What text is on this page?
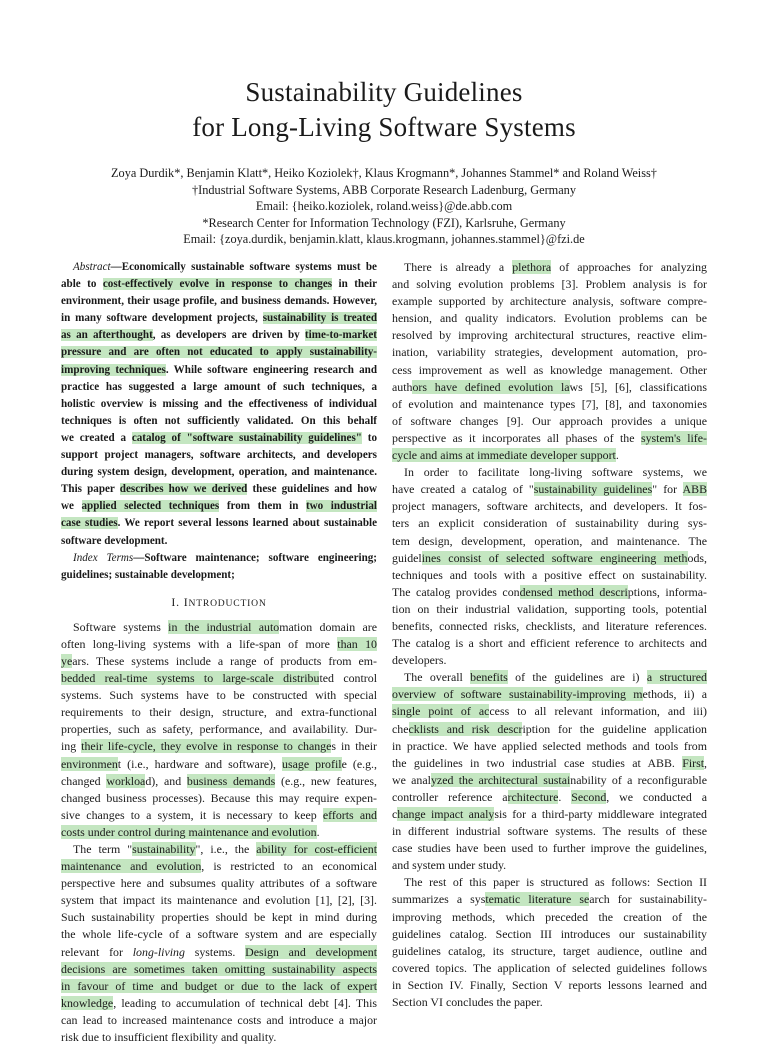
Sustainability Guidelines
for Long-Living Software Systems
Zoya Durdik*, Benjamin Klatt*, Heiko Koziolek†, Klaus Krogmann*, Johannes Stammel* and Roland Weiss†
†Industrial Software Systems, ABB Corporate Research Ladenburg, Germany
Email: {heiko.koziolek, roland.weiss}@de.abb.com
*Research Center for Information Technology (FZI), Karlsruhe, Germany
Email: {zoya.durdik, benjamin.klatt, klaus.krogmann, johannes.stammel}@fzi.de
Abstract—Economically sustainable software systems must be
able to cost-effectively evolve in response to changes in their
environment, their usage profile, and business demands. However,
in many software development projects, sustainability is treated
as an afterthought, as developers are driven by time-to-market
pressure and are often not educated to apply sustainability-
improving techniques. While software engineering research and
practice has suggested a large amount of such techniques, a
holistic overview is missing and the effectiveness of individual
techniques is often not sufficiently validated. On this behalf
we created a catalog of "software sustainability guidelines" to
support project managers, software architects, and developers
during system design, development, operation, and maintenance.
This paper describes how we derived these guidelines and how
we applied selected techniques from them in two industrial
case studies. We report several lessons learned about sustainable
software development.
Index Terms—Software maintenance; software engineering;
guidelines; sustainable development;
I. INTRODUCTION
Software systems in the industrial automation domain are
often long-living systems with a life-span of more than 10
years. These systems include a range of products from em-
bedded real-time systems to large-scale distributed control
systems. Such systems have to be constructed with special
requirements to their design, structure, and extra-functional
properties, such as safety, performance, and availability. Dur-
ing their life-cycle, they evolve in response to changes in their
environment (i.e., hardware and software), usage profile (e.g.,
changed workload), and business demands (e.g., new features,
changed business processes). Because this may require expen-
sive changes to a system, it is necessary to keep efforts and
costs under control during maintenance and evolution.
The term "sustainability", i.e., the ability for cost-efficient
maintenance and evolution, is restricted to an economical
perspective here and subsumes quality attributes of a software
system that impact its maintenance and evolution [1], [2], [3].
Such sustainability properties should be kept in mind during
the whole life-cycle of a software system and are especially
relevant for long-living systems. Design and development
decisions are sometimes taken omitting sustainability aspects
in favour of time and budget or due to the lack of expert
knowledge, leading to accumulation of technical debt [4]. This
can lead to increased maintenance costs and introduce a major
risk due to insufficient flexibility and quality.
There is already a plethora of approaches for analyzing
and solving evolution problems [3]. Problem analysis is for
example supported by architecture analysis, software compre-
hension, and quality indicators. Evolution problems can be
resolved by improving architectural structures, reactive elim-
ination, variability strategies, development automation, pro-
cess improvement as well as knowledge management. Other
authors have defined evolution laws [5], [6], classifications
of evolution and maintenance types [7], [8], and taxonomies
of software changes [9]. Our approach provides a unique
perspective as it incorporates all phases of the system's life-
cycle and aims at immediate developer support.
In order to facilitate long-living software systems, we
have created a catalog of "sustainability guidelines" for ABB
project managers, software architects, and developers. It fos-
ters an explicit consideration of sustainability during sys-
tem design, development, operation, and maintenance. The
guidelines consist of selected software engineering methods,
techniques and tools with a positive effect on sustainability.
The catalog provides condensed method descriptions, informa-
tion on their industrial validation, supporting tools, potential
benefits, connected risks, checklists, and literature references.
The catalog is a short and efficient reference to architects and
developers.
The overall benefits of the guidelines are i) a structured
overview of software sustainability-improving methods, ii) a
single point of access to all relevant information, and iii)
checklists and risk description for the guideline application
in practice. We have applied selected methods and tools from
the guidelines in two industrial case studies at ABB. First,
we analyzed the architectural sustainability of a reconfigurable
controller reference architecture. Second, we conducted a
change impact analysis for a third-party middleware integrated
in different industrial software systems. The results of these
case studies have been used to further improve the guidelines,
and system under study.
The rest of this paper is structured as follows: Section II
summarizes a systematic literature search for sustainability-
improving methods, which preceded the creation of the
guidelines catalog. Section III introduces our sustainability
guidelines catalog, its structure, target audience, outline and
covered topics. The application of selected guidelines follows
in Section IV. Finally, Section V reports lessons learned and
Section VI concludes the paper.
